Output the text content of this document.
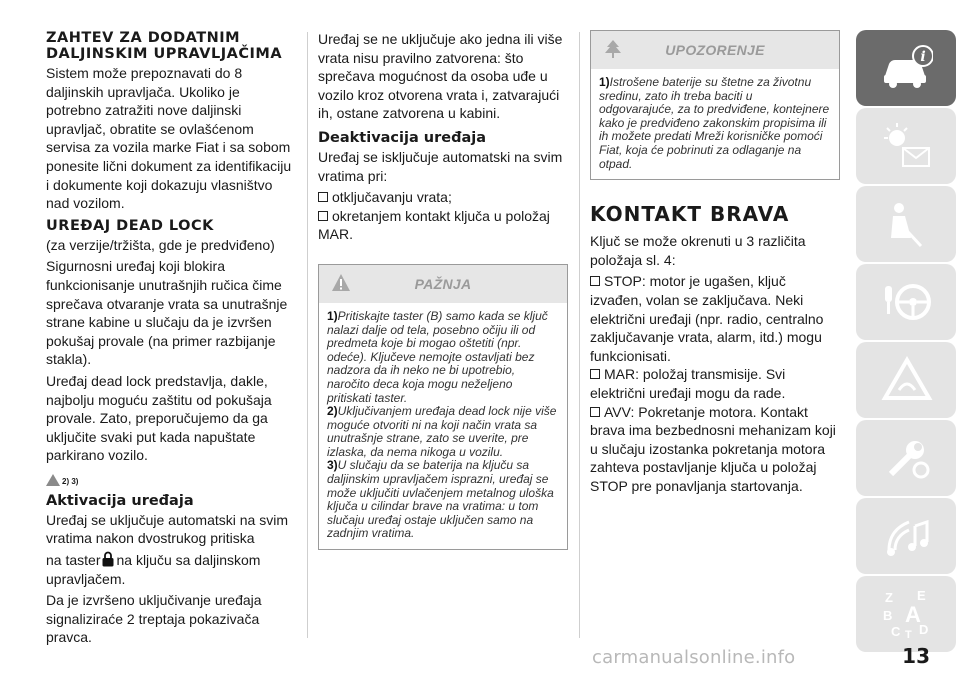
ZAHTEV ZA DODATNIM DALJINSKIM UPRAVLJAČIMA

Sistem može prepoznavati do 8 daljinskih upravljača. Ukoliko je potrebno zatražiti nove daljinski upravljač, obratite se ovlašćenom servisa za vozila marke Fiat i sa sobom ponesite lični dokument za identifikaciju i dokumente koji dokazuju vlasništvo nad vozilom.

UREĐAJ DEAD LOCK

(za verzije/tržišta, gde je predviđeno)

Sigurnosni uređaj koji blokira funkcionisanje unutrašnjih ručica čime sprečava otvaranje vrata sa unutrašnje strane kabine u slučaju da je izvršen pokušaj provale (na primer razbijanje stakla).

Uređaj dead lock predstavlja, dakle, najbolju moguću zaštitu od pokušaja provale. Zato, preporučujemo da ga uključite svaki put kada napuštate parkirano vozilo.

2) 3)
Aktivacija uređaja

Uređaj se uključuje automatski na svim vratima nakon dvostrukog pritiska

na taster na ključu sa daljinskom upravljačem.

Da je izvršeno uključivanje uređaja signaliziraće 2 treptaja pokazivača pravca.

Uređaj se ne uključuje ako jedna ili više vrata nisu pravilno zatvorena: što sprečava mogućnost da osoba uđe u vozilo kroz otvorena vrata i, zatvarajući ih, ostane zatvorena u kabini.

Deaktivacija uređaja

Uređaj se isključuje automatski na svim vratima pri:

otključavanju vrata;
okretanjem kontakt ključa u položaj MAR.
PAŽNJA

1)Pritiskajte taster (B) samo kada se ključ nalazi dalje od tela, posebno očiju ili od predmeta koje bi mogao oštetiti (npr. odeće). Ključeve nemojte ostavljati bez nadzora da ih neko ne bi upotrebio, naročito deca koja mogu neželjeno pritiskati taster.

2)Uključivanjem uređaja dead lock nije više moguće otvoriti ni na koji način vrata sa unutrašnje strane, zato se uverite, pre izlaska, da nema nikoga u vozilu.

3)U slučaju da se baterija na ključu sa daljinskim upravljačem isprazni, uređaj se može uključiti uvlačenjem metalnog uloška ključa u cilindar brave na vratima: u tom slučaju uređaj ostaje uključen samo na zadnjim vratima.

UPOZORENJE

1)Istrošene baterije su štetne za životnu sredinu, zato ih treba baciti u odgovarajuće, za to predviđene, kontejnere kako je predviđeno zakonskim propisima ili ih možete predati Mreži korisničke pomoći Fiat, koja će pobrinuti za odlaganje na otpad.

KONTAKT BRAVA

Ključ se može okrenuti u 3 različita položaja sl. 4:

STOP: motor je ugašen, ključ izvađen, volan se zaključava. Neki električni uređaji (npr. radio, centralno zaključavanje vrata, alarm, itd.) mogu funkcionisati.
MAR: položaj transmisije. Svi električni uređaji mogu da rade.
AVV: Pokretanje motora. Kontakt brava ima bezbednosni mehanizam koji u slučaju izostanka pokretanja motora zahteva postavljanje ključa u položaj STOP pre ponavljanja startovanja.
i
Z E
B A
C T D
carmanualsonline.info	13
